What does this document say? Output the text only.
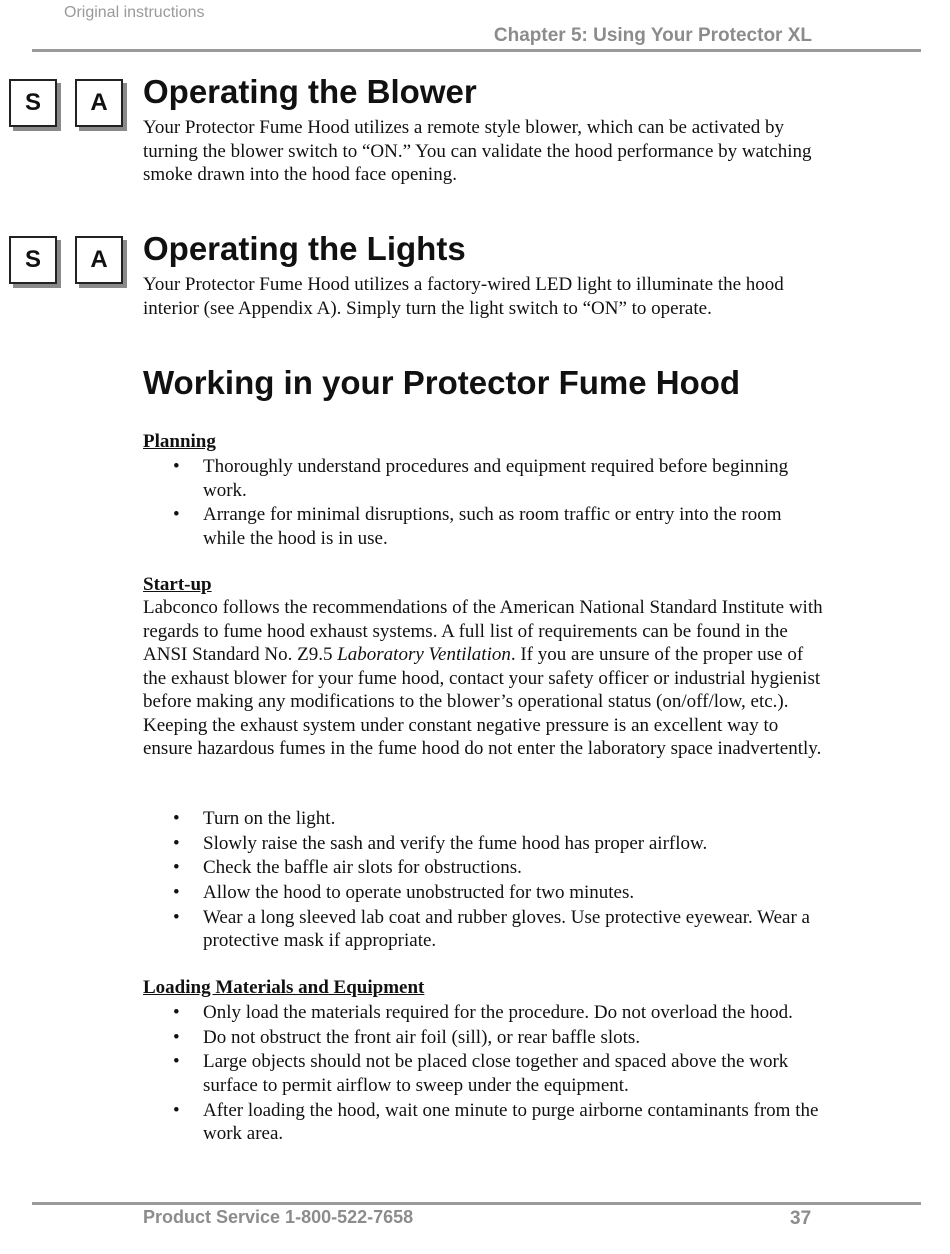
Original instructions
Chapter 5: Using Your Protector XL
S	A	Operating the Blower

Your Protector Fume Hood utilizes a remote style blower, which can be activated by turning the blower switch to “ON.” You can validate the hood performance by watching smoke drawn into the hood face opening.

S	A	Operating the Lights

Your Protector Fume Hood utilizes a factory-wired LED light to illuminate the hood interior (see Appendix A). Simply turn the light switch to “ON” to operate.

Working in your Protector Fume Hood
Planning
• Thoroughly understand procedures and equipment required before beginning work.
• Arrange for minimal disruptions, such as room traffic or entry into the room while the hood is in use.
Start-up

Labconco follows the recommendations of the American National Standard Institute with regards to fume hood exhaust systems. A full list of requirements can be found in the ANSI Standard No. Z9.5 Laboratory Ventilation. If you are unsure of the proper use of the exhaust blower for your fume hood, contact your safety officer or industrial hygienist before making any modifications to the blower’s operational status (on/off/low, etc.). Keeping the exhaust system under constant negative pressure is an excellent way to ensure hazardous fumes in the fume hood do not enter the laboratory space inadvertently.

• Turn on the light.
• Slowly raise the sash and verify the fume hood has proper airflow.
• Check the baffle air slots for obstructions.
• Allow the hood to operate unobstructed for two minutes.
• Wear a long sleeved lab coat and rubber gloves. Use protective eyewear. Wear a protective mask if appropriate.
Loading Materials and Equipment
• Only load the materials required for the procedure. Do not overload the hood.
• Do not obstruct the front air foil (sill), or rear baffle slots.
• Large objects should not be placed close together and spaced above the work surface to permit airflow to sweep under the equipment.
• After loading the hood, wait one minute to purge airborne contaminants from the work area.
Product Service 1-800-522-7658	37
